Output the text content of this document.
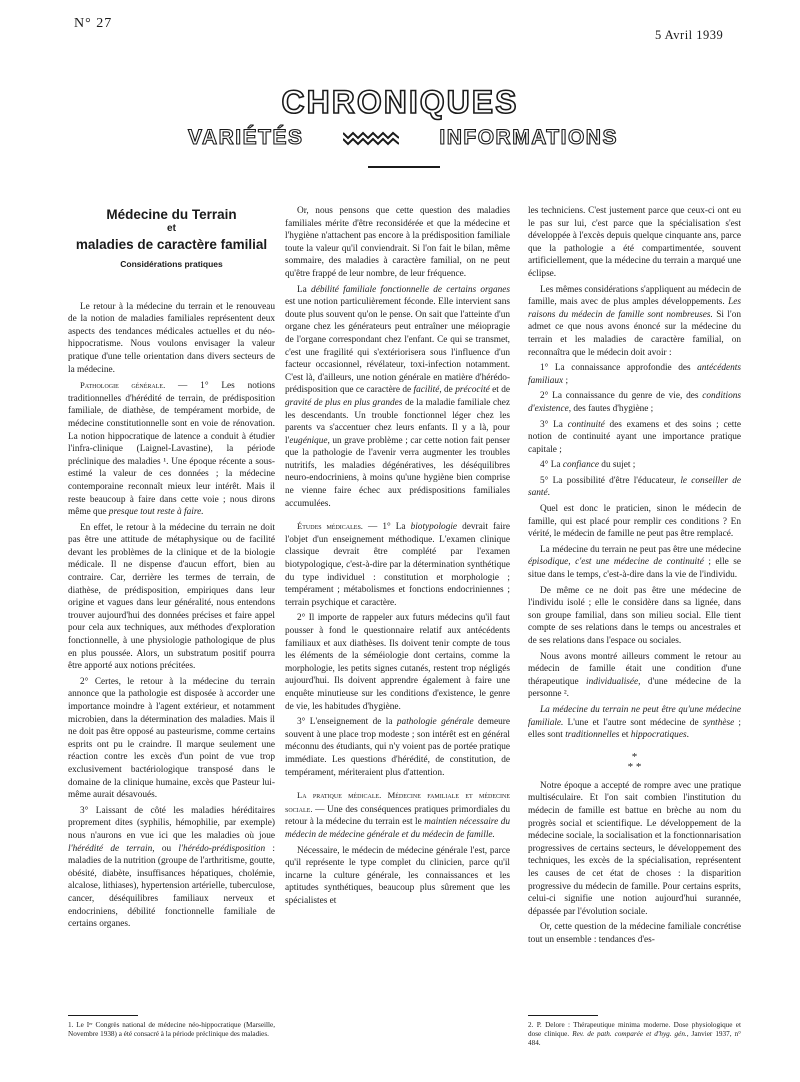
N° 27
5 Avril 1939
CHRONIQUES
VARIÉTÉS	INFORMATIONS
Médecine du Terrain
et
maladies de caractère familial
Considérations pratiques

Le retour à la médecine du terrain et le renouveau de la notion de maladies familiales représentent deux aspects des tendances médicales actuelles et du néo-hippocratisme. Nous voulons envisager la valeur pratique d'une telle orientation dans divers secteurs de la médecine.

Pathologie générale. — 1° Les notions traditionnelles d'hérédité de terrain, de prédisposition familiale, de diathèse, de tempérament morbide, de médecine constitutionnelle sont en voie de rénovation. La notion hippocratique de latence a conduit à étudier l'infra-clinique (Laignel-Lavastine), la période préclinique des maladies ¹. Une époque récente a sous-estimé la valeur de ces données ; la médecine contemporaine reconnaît mieux leur intérêt. Mais il reste beaucoup à faire dans cette voie ; nous dirons même que presque tout reste à faire.

En effet, le retour à la médecine du terrain ne doit pas être une attitude de métaphysique ou de facilité devant les problèmes de la clinique et de la biologie médicale. Il ne dispense d'aucun effort, bien au contraire. Car, derrière les termes de terrain, de diathèse, de prédisposition, empiriques dans leur origine et vagues dans leur généralité, nous entendons trouver aujourd'hui des données précises et faire appel pour cela aux techniques, aux méthodes d'exploration fonctionnelle, à une physiologie pathologique de plus en plus poussée. Alors, un substratum positif pourra être apporté aux notions précitées.

2° Certes, le retour à la médecine du terrain annonce que la pathologie est disposée à accorder une importance moindre à l'agent extérieur, et notamment microbien, dans la détermination des maladies. Mais il ne doit pas être opposé au pasteurisme, comme certains esprits ont pu le craindre. Il marque seulement une réaction contre les excès d'un point de vue trop exclusivement bactériologique transposé dans le domaine de la clinique humaine, excès que Pasteur lui-même aurait désavoués.

3° Laissant de côté les maladies héréditaires proprement dites (syphilis, hémophilie, par exemple) nous n'aurons en vue ici que les maladies où joue l'hérédité de terrain, ou l'hérédo-prédisposition : maladies de la nutrition (groupe de l'arthritisme, goutte, obésité, diabète, insuffisances hépatiques, cholémie, alcalose, lithiases), hypertension artérielle, tuberculose, cancer, déséquilibres familiaux nerveux et endocriniens, débilité fonctionnelle familiale de certains organes.

Or, nous pensons que cette question des maladies familiales mérite d'être reconsidérée et que la médecine et l'hygiène n'attachent pas encore à la prédisposition familiale toute la valeur qu'il conviendrait. Si l'on fait le bilan, même sommaire, des maladies à caractère familial, on ne peut qu'être frappé de leur nombre, de leur fréquence.

La débilité familiale fonctionnelle de certains organes est une notion particulièrement féconde. Elle intervient sans doute plus souvent qu'on le pense. On sait que l'atteinte d'un organe chez les générateurs peut entraîner une méiopragie de l'organe correspondant chez l'enfant. Ce qui se transmet, c'est une fragilité qui s'extériorisera sous l'influence d'un facteur occasionnel, révélateur, toxi-infection notamment. C'est là, d'ailleurs, une notion générale en matière d'hérédo-prédisposition que ce caractère de facilité, de précocité et de gravité de plus en plus grandes de la maladie familiale chez les descendants. Un trouble fonctionnel léger chez les parents va s'accentuer chez leurs enfants. Il y a là, pour l'eugénique, un grave problème ; car cette notion fait penser que la pathologie de l'avenir verra augmenter les troubles nutritifs, les maladies dégénératives, les déséquilibres neuro-endocriniens, à moins qu'une hygiène bien comprise ne vienne faire échec aux prédispositions familiales accumulées.

Études médicales. — 1° La biotypologie devrait faire l'objet d'un enseignement méthodique. L'examen clinique classique devrait être complété par l'examen biotypologique, c'est-à-dire par la détermination synthétique du type individuel : constitution et morphologie ; tempérament ; métabolismes et fonctions endocriniennes ; terrain psychique et caractère.

2° Il importe de rappeler aux futurs médecins qu'il faut pousser à fond le questionnaire relatif aux antécédents familiaux et aux diathèses. Ils doivent tenir compte de tous les éléments de la séméiologie dont certains, comme la morphologie, les petits signes cutanés, restent trop négligés aujourd'hui. Ils doivent apprendre également à faire une enquête minutieuse sur les conditions d'existence, le genre de vie, les habitudes d'hygiène.

3° L'enseignement de la pathologie générale demeure souvent à une place trop modeste ; son intérêt est en général méconnu des étudiants, qui n'y voient pas de portée pratique immédiate. Les questions d'hérédité, de constitution, de tempérament, mériteraient plus d'attention.

La pratique médicale. Médecine familiale et médecine sociale. — Une des conséquences pratiques primordiales du retour à la médecine du terrain est le maintien nécessaire du médecin de médecine générale et du médecin de famille.

Nécessaire, le médecin de médecine générale l'est, parce qu'il représente le type complet du clinicien, parce qu'il incarne la culture générale, les connaissances et les aptitudes synthétiques, beaucoup plus sûrement que les spécialistes et

les techniciens. C'est justement parce que ceux-ci ont eu le pas sur lui, c'est parce que la spécialisation s'est développée à l'excès depuis quelque cinquante ans, parce que la pathologie a été compartimentée, souvent artificiellement, que la médecine du terrain a marqué une éclipse.

Les mêmes considérations s'appliquent au médecin de famille, mais avec de plus amples développements. Les raisons du médecin de famille sont nombreuses. Si l'on admet ce que nous avons énoncé sur la médecine du terrain et les maladies de caractère familial, on reconnaîtra que le médecin doit avoir :

1° La connaissance approfondie des antécédents familiaux ;

2° La connaissance du genre de vie, des conditions d'existence, des fautes d'hygiène ;

3° La continuité des examens et des soins ; cette notion de continuité ayant une importance pratique capitale ;

4° La confiance du sujet ;

5° La possibilité d'être l'éducateur, le conseiller de santé.

Quel est donc le praticien, sinon le médecin de famille, qui est placé pour remplir ces conditions ? En vérité, le médecin de famille ne peut pas être remplacé.

La médecine du terrain ne peut pas être une médecine épisodique, c'est une médecine de continuité ; elle se situe dans le temps, c'est-à-dire dans la vie de l'individu.

De même ce ne doit pas être une médecine de l'individu isolé ; elle le considère dans sa lignée, dans son groupe familial, dans son milieu social. Elle tient compte de ses relations dans le temps ou ancestrales et de ses relations dans l'espace ou sociales.

Nous avons montré ailleurs comment le retour au médecin de famille était une condition d'une thérapeutique individualisée, d'une médecine de la personne ².

La médecine du terrain ne peut être qu'une médecine familiale. L'une et l'autre sont médecine de synthèse ; elles sont traditionnelles et hippocratiques.

*
* *

Notre époque a accepté de rompre avec une pratique multiséculaire. Et l'on sait combien l'institution du médecin de famille est battue en brèche au nom du progrès social et scientifique. Le développement de la médecine sociale, la socialisation et la fonctionnarisation progressives de certains secteurs, le développement des techniques, les excès de la spécialisation, représentent les causes de cet état de choses : la disparition progressive du médecin de famille. Pour certains esprits, celui-ci signifie une notion aujourd'hui surannée, dépassée par l'évolution sociale.

Or, cette question de la médecine familiale concrétise tout un ensemble : tendances d'es-

1. Le Iᵉʳ Congrès national de médecine néo-hippocratique (Marseille, Novembre 1938) a été consacré à la période préclinique des maladies.
2. P. Delore : Thérapeutique minima moderne. Dose physiologique et dose clinique. Rev. de path. comparée et d'hyg. gén., Janvier 1937, n° 484.
